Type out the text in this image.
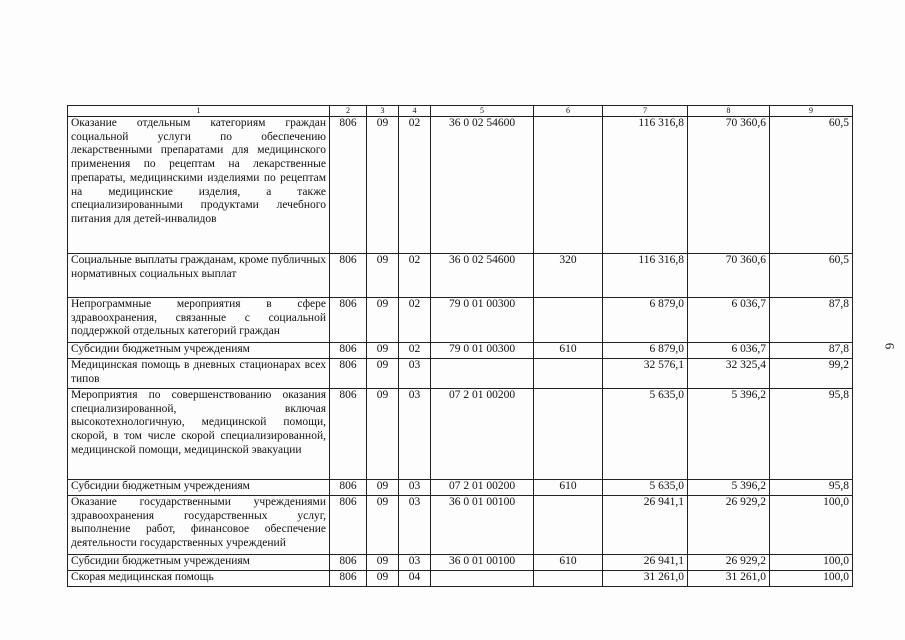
1	2	3	4	5	6	7	8	9
Оказание отдельным категориям граждан социальной услуги по обеспечению лекарственными препаратами для медицинского применения по рецептам на лекарственные препараты, медицинскими изделиями по рецептам на медицинские изделия, а также специализированными продуктами лечебного питания для детей-инвалидов	806	09	02	36 0 02 54600		116 316,8	70 360,6	60,5
Социальные выплаты гражданам, кроме публичных нормативных социальных выплат	806	09	02	36 0 02 54600	320	116 316,8	70 360,6	60,5
Непрограммные мероприятия в сфере здравоохранения, связанные с социальной поддержкой отдельных категорий граждан	806	09	02	79 0 01 00300		6 879,0	6 036,7	87,8
Субсидии бюджетным учреждениям	806	09	02	79 0 01 00300	610	6 879,0	6 036,7	87,8
Медицинская помощь в дневных стационарах всех типов	806	09	03			32 576,1	32 325,4	99,2
Мероприятия по совершенствованию оказания специализированной, включая высокотехнологичную, медицинской помощи, скорой, в том числе скорой специализированной, медицинской помощи, медицинской эвакуации	806	09	03	07 2 01 00200		5 635,0	5 396,2	95,8
Субсидии бюджетным учреждениям	806	09	03	07 2 01 00200	610	5 635,0	5 396,2	95,8
Оказание государственными учреждениями здравоохранения государственных услуг, выполнение работ, финансовое обеспечение деятельности государственных учреждений	806	09	03	36 0 01 00100		26 941,1	26 929,2	100,0
Субсидии бюджетным учреждениям	806	09	03	36 0 01 00100	610	26 941,1	26 929,2	100,0
Скорая медицинская помощь	806	09	04			31 261,0	31 261,0	100,0
6
